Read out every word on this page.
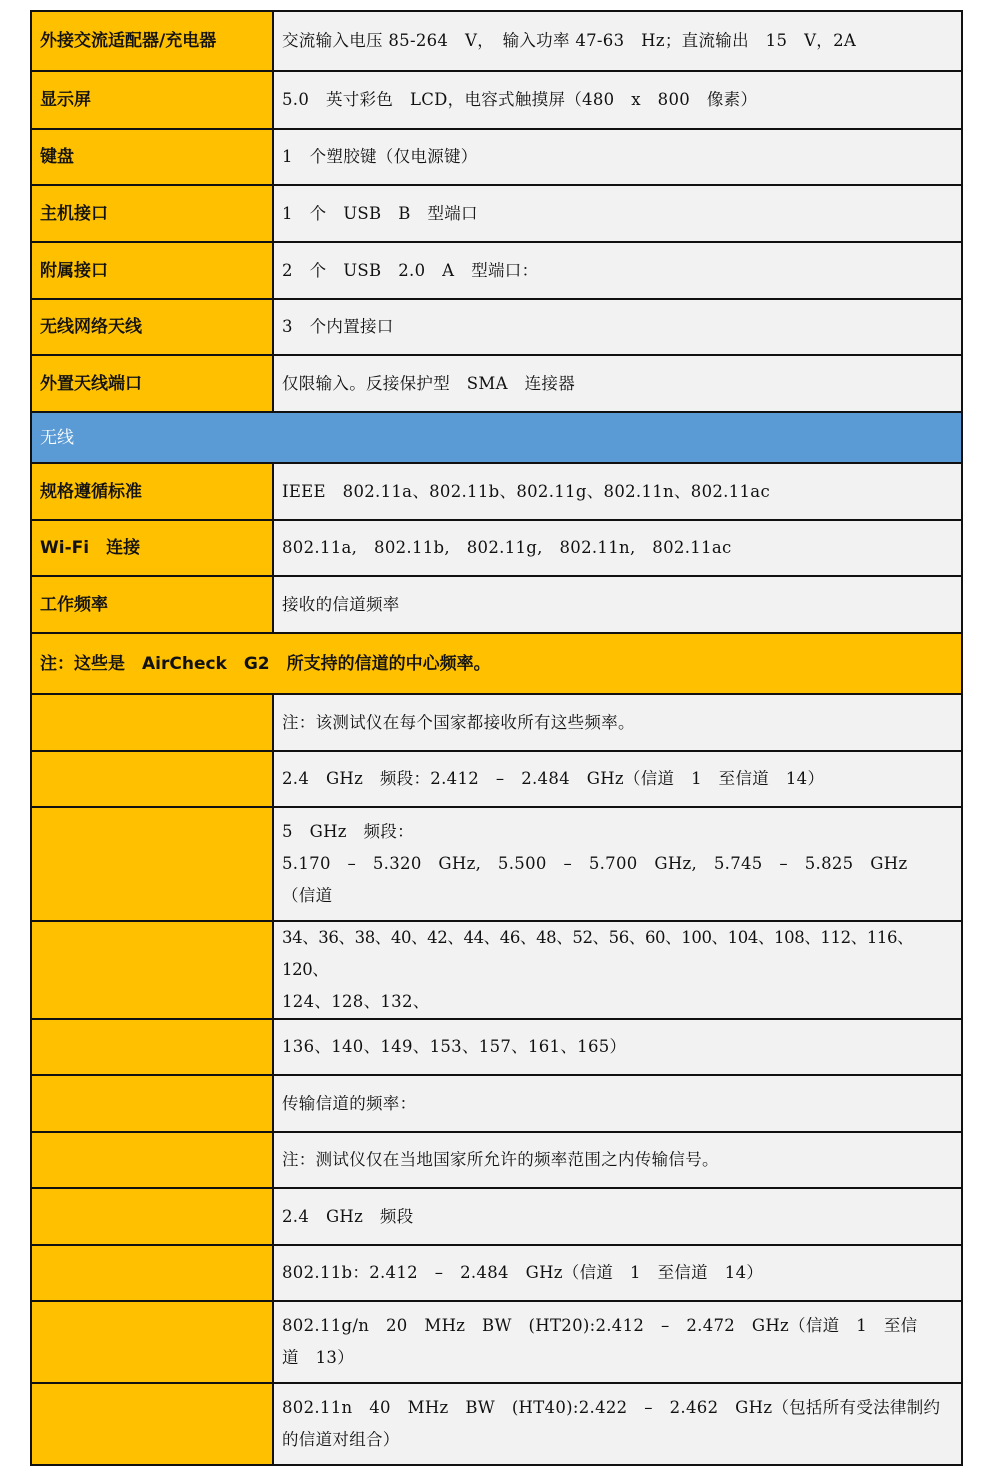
外接交流适配器/充电器	交流输入电压 85-264　V，　输入功率 47-63　Hz；直流输出　15　V，2A
显示屏	5.0　英寸彩色　LCD，电容式触摸屏（480　x　800　像素）
键盘	1　个塑胶键（仅电源键）
主机接口	1　个　USB　B　型端口
附属接口	2　个　USB　2.0　A　型端口：
无线网络天线	3　个内置接口
外置天线端口	仅限输入。反接保护型　SMA　连接器
无线	
规格遵循标准	IEEE　802.11a、802.11b、802.11g、802.11n、802.11ac
Wi-Fi　连接	802.11a,　802.11b,　802.11g,　802.11n,　802.11ac
工作频率	接收的信道频率
注：这些是　AirCheck　G2　所支持的信道的中心频率。	
	注：该测试仪在每个国家都接收所有这些频率。
	2.4　GHz　频段：2.412　–　2.484　GHz（信道　1　至信道　14）

	5　GHz　频段：
5.170　–　5.320　GHz,　5.500　–　5.700　GHz,　5.745　–　5.825　GHz
（信道

	34、36、38、40、42、44、46、48、52、56、60、100、104、108、112、116、120、
124、128、132、

	136、140、149、153、157、161、165）
	传输信道的频率：
	注：测试仪仅在当地国家所允许的频率范围之内传输信号。
	2.4　GHz　频段
	802.11b：2.412　–　2.484　GHz（信道　1　至信道　14）

	802.11g/n　20　MHz　BW　(HT20):2.412　–　2.472　GHz（信道　1　至信
道　13）

	802.11n　40　MHz　BW　(HT40):2.422　–　2.462　GHz（包括所有受法律制约
的信道对组合）
